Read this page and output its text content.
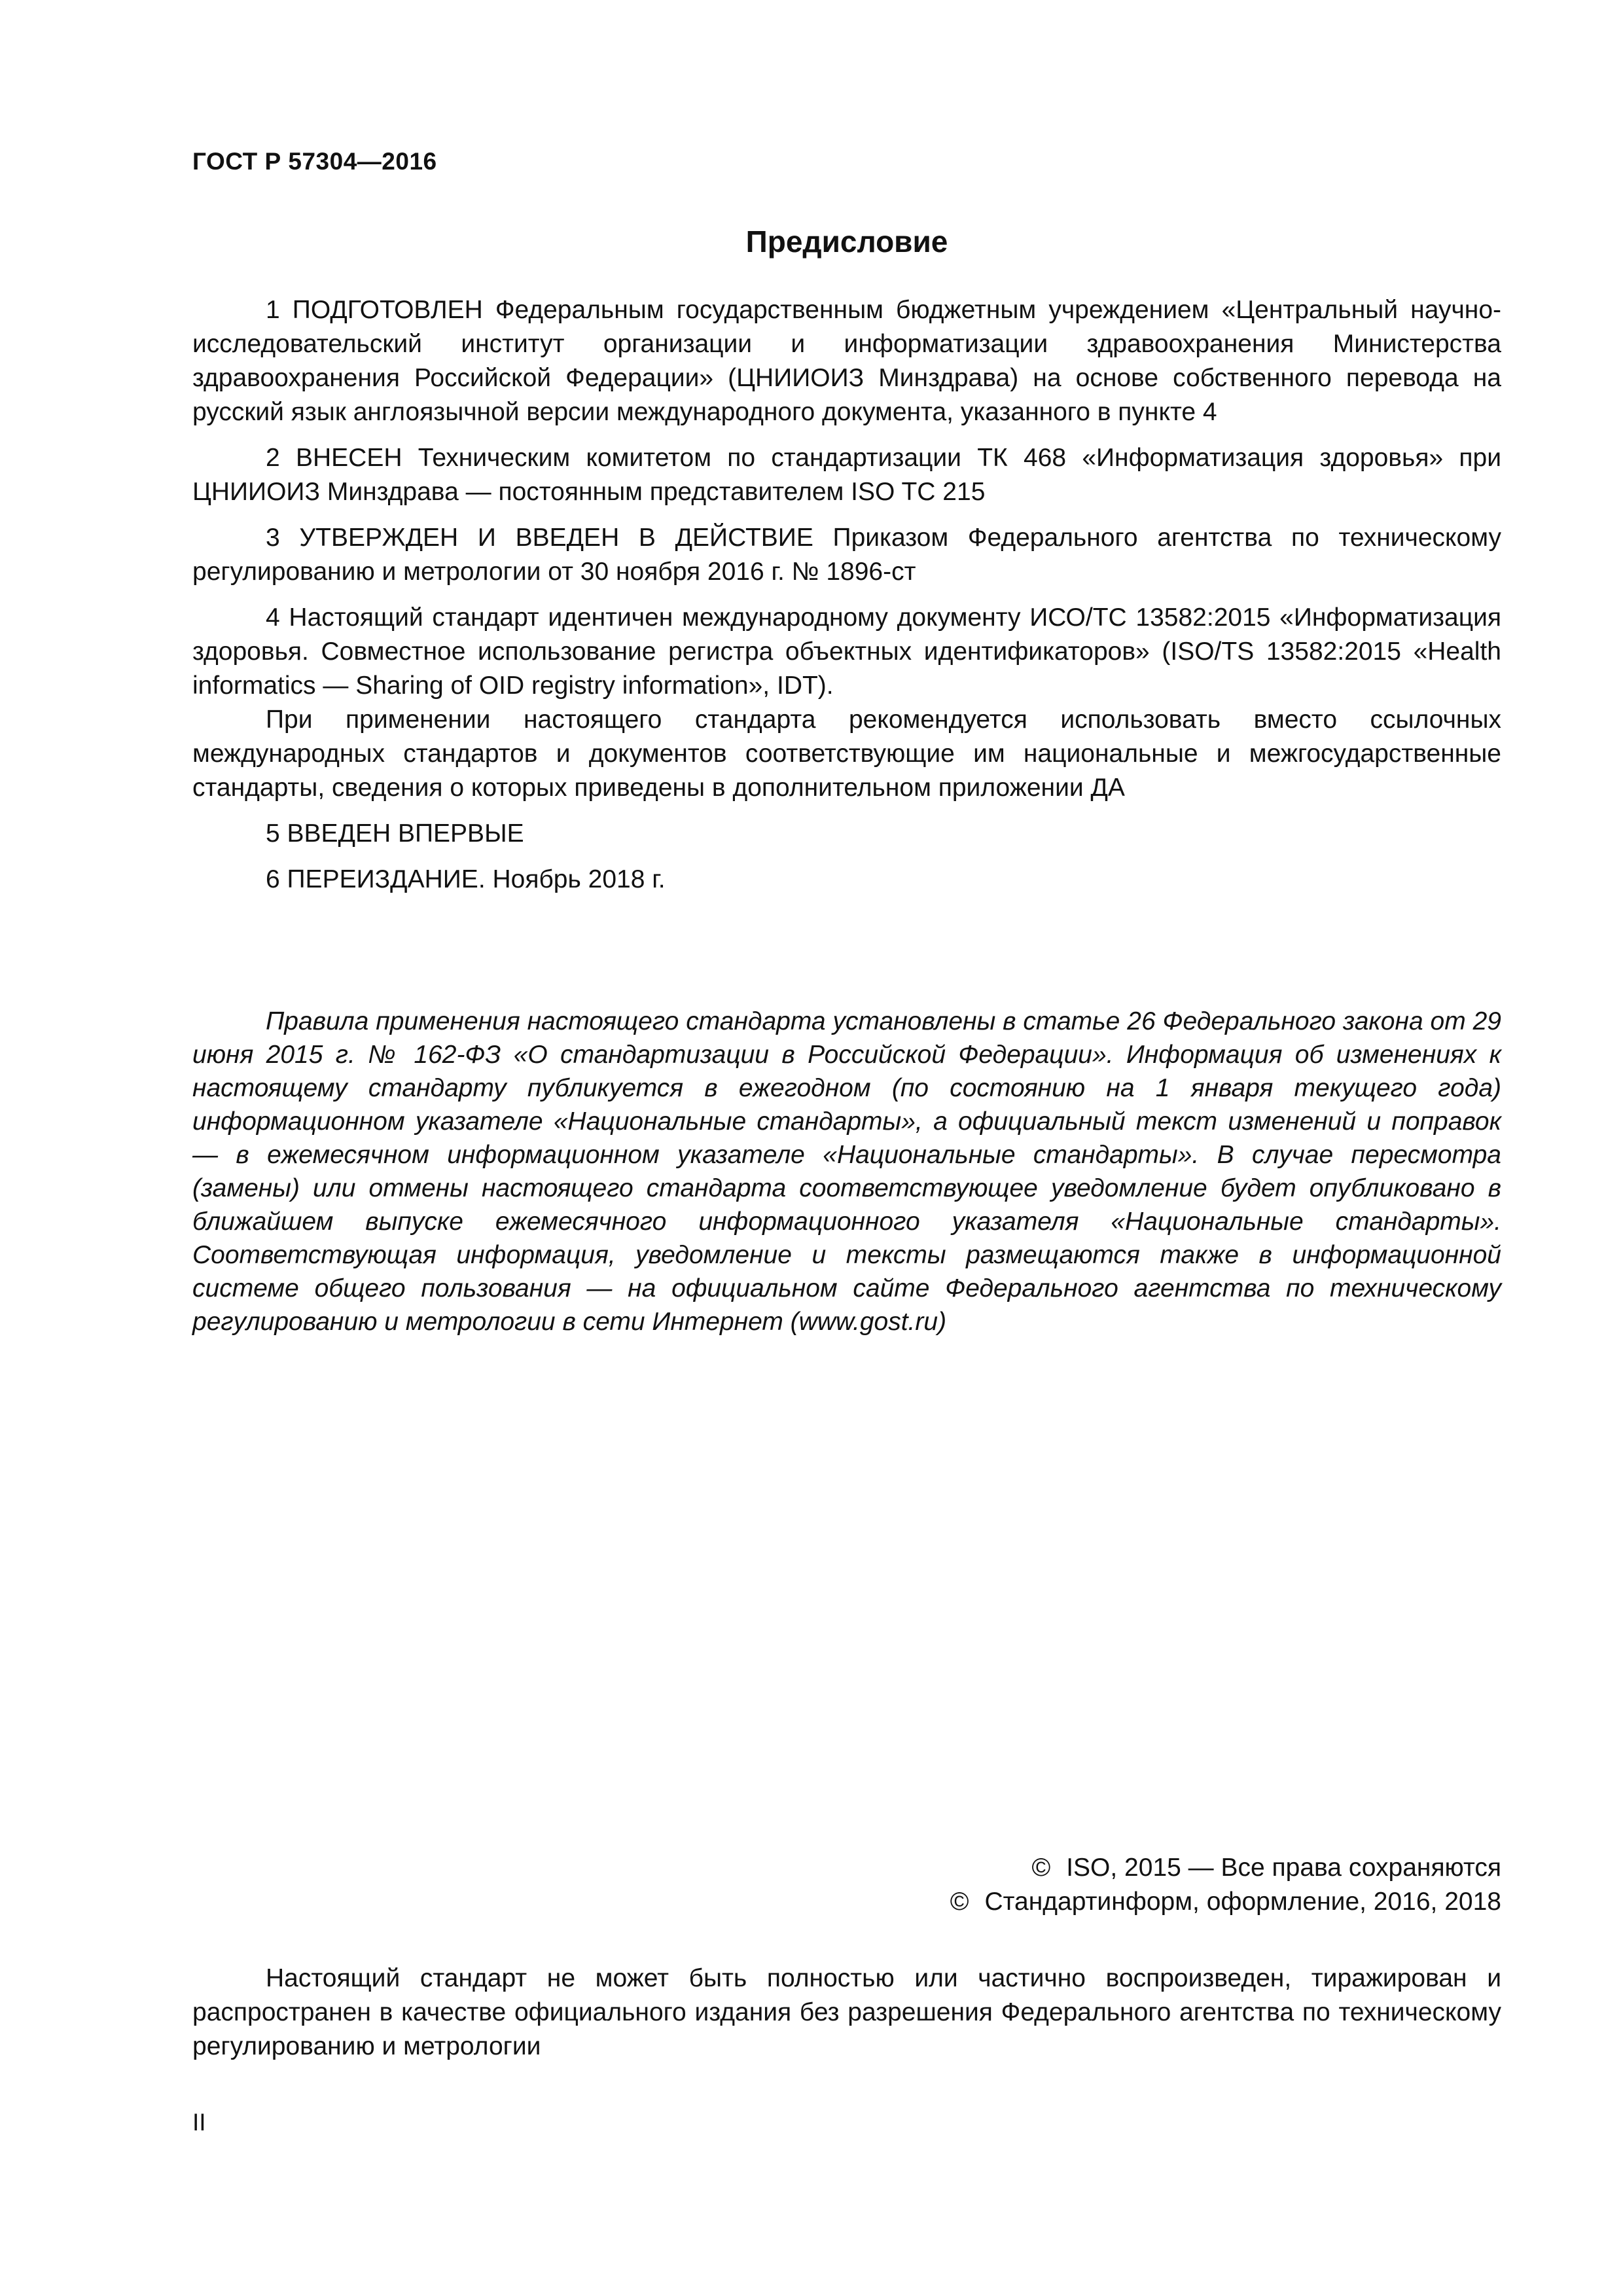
ГОСТ Р 57304—2016
Предисловие

1 ПОДГОТОВЛЕН Федеральным государственным бюджетным учреждением «Центральный научно-исследовательский институт организации и информатизации здравоохранения Министерства здравоохранения Российской Федерации» (ЦНИИОИЗ Минздрава) на основе собственного перевода на русский язык англоязычной версии международного документа, указанного в пункте 4

2 ВНЕСЕН Техническим комитетом по стандартизации ТК 468 «Информатизация здоровья» при ЦНИИОИЗ Минздрава — постоянным представителем ISO TC 215

3 УТВЕРЖДЕН И ВВЕДЕН В ДЕЙСТВИЕ Приказом Федерального агентства по техническому регулированию и метрологии от 30 ноября 2016 г. № 1896-ст

4 Настоящий стандарт идентичен международному документу ИСО/ТС 13582:2015 «Информатизация здоровья. Совместное использование регистра объектных идентификаторов» (ISO/TS 13582:2015 «Health informatics — Sharing of OID registry information», IDT).

При применении настоящего стандарта рекомендуется использовать вместо ссылочных международных стандартов и документов соответствующие им национальные и межгосударственные стандарты, сведения о которых приведены в дополнительном приложении ДА

5 ВВЕДЕН ВПЕРВЫЕ

6 ПЕРЕИЗДАНИЕ. Ноябрь 2018 г.

Правила применения настоящего стандарта установлены в статье 26 Федерального закона от 29 июня 2015 г. № 162-ФЗ «О стандартизации в Российской Федерации». Информация об изменениях к настоящему стандарту публикуется в ежегодном (по состоянию на 1 января текущего года) информационном указателе «Национальные стандарты», а официальный текст изменений и поправок — в ежемесячном информационном указателе «Национальные стандарты». В случае пересмотра (замены) или отмены настоящего стандарта соответствующее уведомление будет опубликовано в ближайшем выпуске ежемесячного информационного указателя «Национальные стандарты». Соответствующая информация, уведомление и тексты размещаются также в информационной системе общего пользования — на официальном сайте Федерального агентства по техническому регулированию и метрологии в сети Интернет (www.gost.ru)

© ISO, 2015 — Все права сохраняются
© Стандартинформ, оформление, 2016, 2018

Настоящий стандарт не может быть полностью или частично воспроизведен, тиражирован и распространен в качестве официального издания без разрешения Федерального агентства по техническому регулированию и метрологии

II
